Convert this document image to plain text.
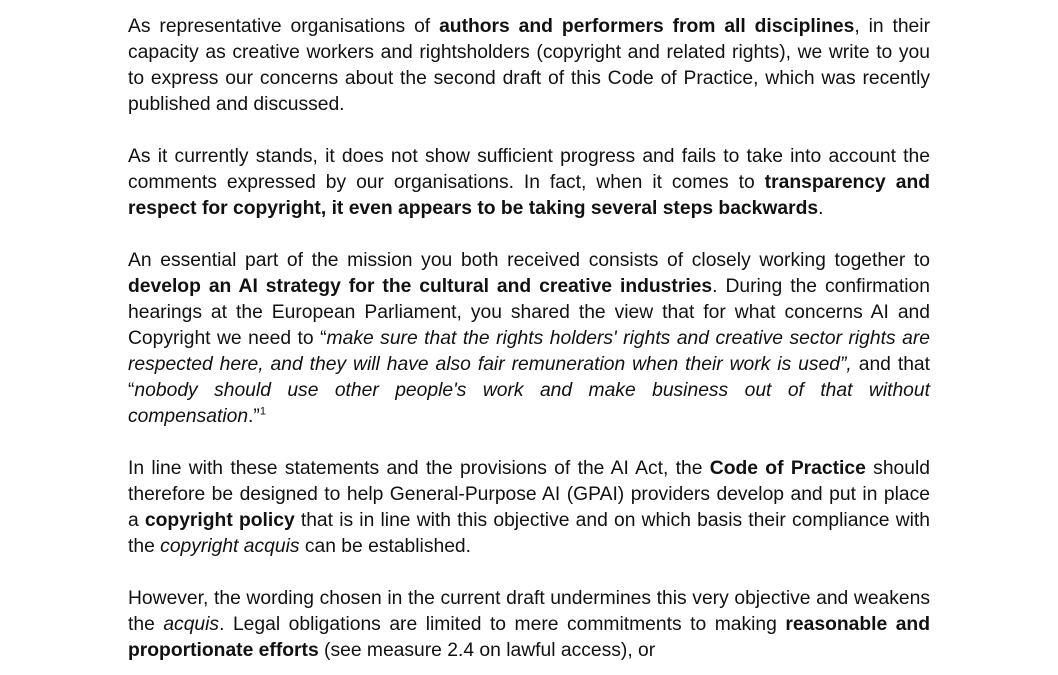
As representative organisations of authors and performers from all disciplines, in their capacity as creative workers and rightsholders (copyright and related rights), we write to you to express our concerns about the second draft of this Code of Practice, which was recently published and discussed.

As it currently stands, it does not show sufficient progress and fails to take into account the comments expressed by our organisations. In fact, when it comes to transparency and respect for copyright, it even appears to be taking several steps backwards.

An essential part of the mission you both received consists of closely working together to develop an AI strategy for the cultural and creative industries. During the confirmation hearings at the European Parliament, you shared the view that for what concerns AI and Copyright we need to “make sure that the rights holders' rights and creative sector rights are respected here, and they will have also fair remuneration when their work is used”, and that “nobody should use other people's work and make business out of that without compensation.”$^1$

In line with these statements and the provisions of the AI Act, the Code of Practice should therefore be designed to help General-Purpose AI (GPAI) providers develop and put in place a copyright policy that is in line with this objective and on which basis their compliance with the copyright acquis can be established.

However, the wording chosen in the current draft undermines this very objective and weakens the acquis. Legal obligations are limited to mere commitments to making reasonable and proportionate efforts (see measure 2.4 on lawful access), or
